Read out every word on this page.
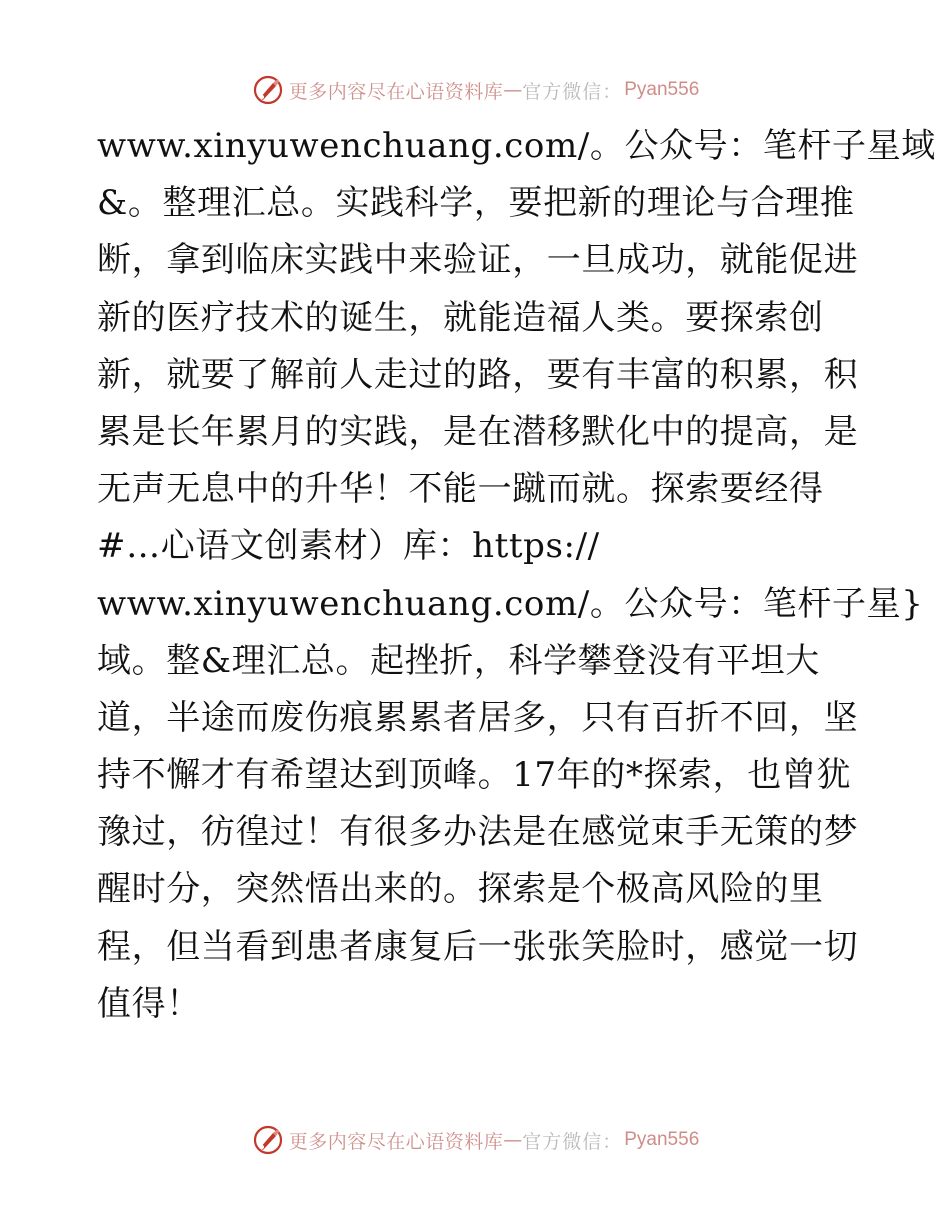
更多内容尽在心语资料库 — 官方微信： Pyan556
www.xinyuwenchuang.com/。公众号：笔杆子星域
&。整理汇总。实践科学，要把新的理论与合理推
断，拿到临床实践中来验证，一旦成功，就能促进
新的医疗技术的诞生，就能造福人类。要探索创
新，就要了解前人走过的路，要有丰富的积累，积
累是长年累月的实践，是在潜移默化中的提高，是
无声无息中的升华！不能一蹴而就。探索要经得
#…心语文创素材）库：https://
www.xinyuwenchuang.com/。公众号：笔杆子星}
域。整&理汇总。起挫折，科学攀登没有平坦大
道，半途而废伤痕累累者居多，只有百折不回，坚
持不懈才有希望达到顶峰。17年的*探索，也曾犹
豫过，彷徨过！有很多办法是在感觉束手无策的梦
醒时分，突然悟出来的。探索是个极高风险的里
程，但当看到患者康复后一张张笑脸时，感觉一切
值得！
更多内容尽在心语资料库 — 官方微信： Pyan556
